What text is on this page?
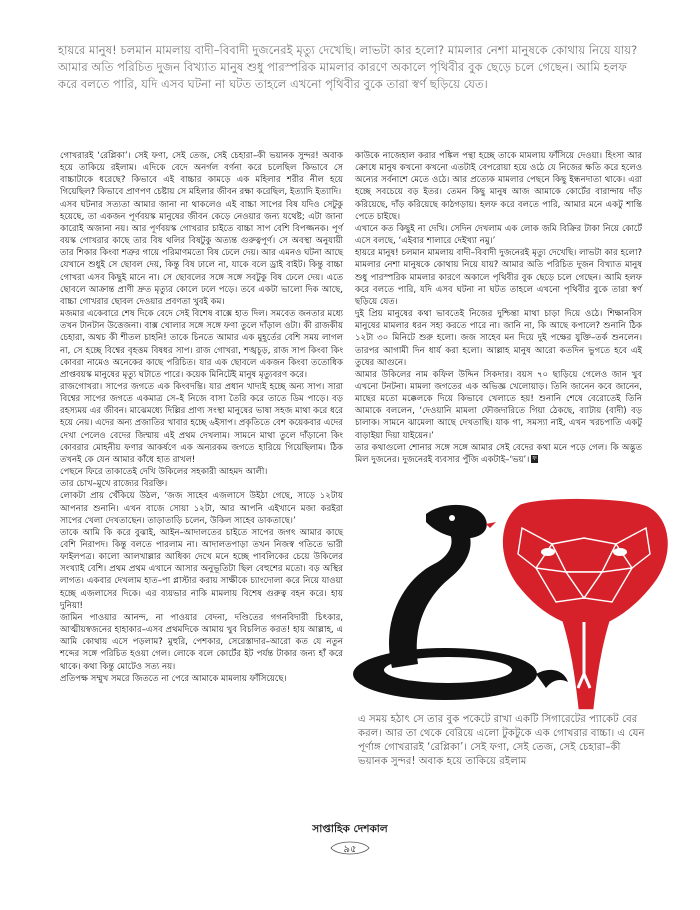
হায়রে মানুষ! চলমান মামলায় বাদী–বিবাদী দুজনেরই মৃত্যু দেখেছি। লাভটা কার হলো? মামলার নেশা মানুষকে কোথায় নিয়ে যায়? আমার অতি পরিচিত দুজন বিখ্যাত মানুষ শুধু পারস্পরিক মামলার কারণে অকালে পৃথিবীর বুক ছেড়ে চলে গেছেন। আমি হলফ করে বলতে পারি, যদি এসব ঘটনা না ঘটত তাহলে এখনো পৃথিবীর বুকে তারা স্বর্ণ ছড়িয়ে যেত।

গোখরারই ‘রেপ্লিকা’। সেই ফণা, সেই তেজ, সেই চেহারা–কী ভয়ানক সুন্দর! অবাক হয়ে তাকিয়ে রইলাম। এদিকে বেদে অনর্গল বর্ণনা করে চলেছিল কিভাবে সে বাচ্চাটাকে ধরেছে? কিভাবে এই বাচ্চার কামড়ে এক মহিলার শরীর নীল হয়ে গিয়েছিল? কিভাবে প্রাণপণ চেষ্টায় সে মহিলার জীবন রক্ষা করেছিল, ইত্যাদি ইত্যাদি।

এসব ঘটনার সত্যতা আমার জানা না থাকলেও এই বাচ্চা সাপের বিষ যদিও সেটুকু হয়েছে, তা একজন পূর্ণবয়স্ক মানুষের জীবন কেড়ে নেওয়ার জন্য যথেষ্ট; এটা জানা কারোই অজানা নয়। আর পূর্ণবয়স্ক গোখরার চাইতে বাচ্চা সাপ বেশি বিপজ্জনক। পূর্ণ বয়স্ক গোখরার কাছে তার বিষ থলির বিষটুকু অত্যন্ত গুরুত্বপূর্ণ। সে অবস্থা অনুযায়ী তার শিকার কিংবা শত্রুর গায়ে পরিমাণমতো বিষ ঢেলে দেয়। আর এমনও ঘটনা আছে যেখানে শুধুই সে ছোবল দেয়, কিন্তু বিষ ঢালে না, যাকে বলে ড্রাই বাইট। কিন্তু বাচ্চা গোখরা এসব কিছুই মানে না। সে ছোবলের সঙ্গে সঙ্গে সবটুকু বিষ ঢেলে দেয়। এতে ছোবলে আক্রান্ত প্রাণী দ্রুত মৃত্যুর কোলে ঢলে পড়ে। তবে একটা ভালো দিক আছে, বাচ্চা গোখরার ছোবল দেওয়ার প্রবণতা খুবই কম।

মজমার একেবারে শেষ দিকে বেদে সেই বিশেষ বাক্সে হাত দিল। সমবেত জনতার মধ্যে তখন টানটান উত্তেজনা। বাক্স খোলার সঙ্গে সঙ্গে ফণা তুলে দাঁড়াল ওটা। কী রাজকীয় চেহারা, অথচ কী শীতল চাহনি! তাকে চিনতে আমার এক মুহূর্তের বেশি সময় লাগল না, সে হচ্ছে বিশ্বের বৃহত্তম বিষধর সাপ। রাজ গোখরা, শঙ্খচূড়, রাজ সাপ কিংবা কিং কোবরা নামেও অনেকের কাছে পরিচিত। যার এক ছোবলে একজন কিংবা ততোধিক প্রাপ্তবয়স্ক মানুষের মৃত্যু ঘটাতে পারে। কয়েক মিনিটেই মানুষ মৃত্যুবরণ করে।

রাজগোখরা। সাপের জগতে এক কিংবদন্তি। যার প্রধান খাদ্যই হচ্ছে অন্য সাপ। সারা বিশ্বের সাপের জগতে একমাত্র সে–ই নিজে বাসা তৈরি করে তাতে ডিম পাড়ে। বড় রহস্যময় এর জীবন। মাঝেমধ্যে দিল্লির প্রাণ্য সংস্থা মানুষের ভাষা সহজ মাথা করে ধরে হয়ে নেয়। এদের অন্য প্রজাতির খাবার হচ্ছে ৬ইসাপ। প্রকৃতিতে বেশ কয়েকবার এদের দেখা পেলেও বেদের জিম্মায় এই প্রথম দেখলাম। সামনে মাথা তুলে দাঁড়ানো কিং কোবরার মোহনীয় ফণার আকর্ষণে এক অন্যরকম জগতে হারিয়ে গিয়েছিলাম। ঠিক তখনই কে যেন আমার কাঁধে হাত রাখল!

পেছনে ফিরে তাকাতেই দেখি উকিলের সহকারী আহমদ আলী।

তার চোখ–মুখে রাজ্যের বিরক্তি।

লোকটা প্রায় খেঁকিয়ে উঠল, ‘জজ সাহেব এজলাসে উইঠা গেছে, সাড়ে ১২টায় আপনার শুনানি। এখন বাজে সোয়া ১২টা, আর আপনি এইখানে মজা করইরা সাপের খেলা দেখতাছেন। তাড়াতাড়ি চলেন, উকিল সাহেব ডাকতাছে।’

তাকে আমি কি করে বুঝাই, আইন–আদালতের চাইতে সাপের জগৎ আমার কাছে বেশি নিরাপদ। কিন্তু বলতে পারলাম না। আদালতপাড়া তখন নিজস্ব গতিতে ভারী ফাইলপত্র। কালো আলখাল্লার আধিক্য দেখে মনে হচ্ছে পাবলিকের চেয়ে উকিলের সংখ্যাই বেশি। প্রথম প্রথম এখানে আসার অনুভূতিটা ছিল বেহুশের মতো। বড় অস্থির লাগত। একবার দেখলাম হাত–পা প্লাস্টার করায় সাক্ষীকে চ্যাংদোলা করে নিয়ে যাওয়া হচ্ছে এজলাসের দিকে। এর ব্যয়ভার নাকি মামলায় বিশেষ গুরুত্ব বহন করে। হায় দুনিয়া!

জামিন পাওয়ার আনন্দ, না পাওয়ার বেদনা, দণ্ডিতের গগনবিদারী চিৎকার, আত্মীয়স্বজনের হাহাকার–এসব প্রথমদিকে আমায় খুব বিচলিত করত! হায় আল্লাহ, এ আমি কোথায় এসে পড়লাম? মুহুরি, পেশকার, সেরেস্তাদার–আরো কত যে নতুন শব্দের সঙ্গে পরিচিত হওয়া গেল। লোকে বলে কোর্টের ইট পর্যন্ত টাকার জন্য হাঁ করে থাকে। কথা কিন্তু মোটেও সত্য নয়।

প্রতিপক্ষ সম্মুখ সমরে জিততে না পেরে আমাকে মামলায় ফাঁসিয়েছে।

কাউকে নাজেহাল করার পঙ্কিল পন্থা হচ্ছে তাকে মামলায় ফাঁসিয়ে দেওয়া। হিংসা আর ক্রোধে মানুষ কখনো কখনো এতটাই বেপরোয়া হয়ে ওঠে যে নিজের ক্ষতি করে হলেও অন্যের সর্বনাশে মেতে ওঠে। আর প্রত্যেক মামলার পেছনে কিছু ইন্ধনদাতা থাকে। এরা হচ্ছে সবচেয়ে বড় ইতর। তেমন কিছু মানুষ আজ আমাকে কোর্টের বারান্দায় দাঁড় করিয়েছে, দাঁড় করিয়েছে কাঠগড়ায়। হলফ করে বলতে পারি, আমার মনে একটু শান্তি পেতে চাইছে।

এখানে কত কিছুই না দেখি। সেদিন দেখলাম এক লোক জমি বিক্রির টাকা নিয়ে কোর্টে এসে বলছে, ‘এইবার শালারে দেইখ্যা নমু।’

হায়রে মানুষ! চলমান মামলায় বাদী–বিবাদী দুজনেরই মৃত্যু দেখেছি। লাভটা কার হলো? মামলার নেশা মানুষকে কোথায় নিয়ে যায়? আমার অতি পরিচিত দুজন বিখ্যাত মানুষ শুধু পারস্পরিক মামলার কারণে অকালে পৃথিবীর বুক ছেড়ে চলে গেছেন। আমি হলফ করে বলতে পারি, যদি এসব ঘটনা না ঘটত তাহলে এখনো পৃথিবীর বুকে তারা স্বর্ণ ছড়িয়ে যেত।

দুই প্রিয় মানুষের কথা ভাবতেই নিজের দুশ্চিন্তা মাথা চাড়া দিয়ে ওঠে। শিক্ষানবিস মানুষের মামলার ধরন সহ্য করতে পারে না। জানি না, কি আছে কপালে? শুনানি ঠিক ১২টা ৩০ মিনিটে শুরু হলো। জজ সাহেব মন দিয়ে দুই পক্ষের যুক্তি–তর্ক শুনলেন। তারপর আগামী দিন ধার্য করা হলো। আল্লাহ মানুষ আরো কতদিন ভুগতে হবে এই তুষের আগুনে।

আমার উকিলের নাম কফিল উদ্দিন সিকদার। বয়স ৭০ ছাড়িয়ে গেলেও জান খুব এখনো টনটনা। মামলা জগতের এক অভিজ্ঞ খেলোয়াড়। তিনি জানেন কবে জানেন, মাছের মতো মক্কেলকে দিয়ে কিভাবে খেলাতে হয়! শুনানি শেষে বেরোতেই তিনি আমাকে বললেন, ‘দেওয়ানি মামলা ফৌজদারিতে গিয়া ঠেকছে, ব্যাটায় (বাদী) বড় চালাক। সামনে ঝামেলা আছে দেখতাছি। যাক গা, সমস্যা নাই, এখন খরচপাতি একটু বাড়াইয়া দিয়া যাইয়েন।’

তার কথাগুলো শোনার সঙ্গে সঙ্গে আমার সেই বেদের কথা মনে পড়ে গেল। কি অদ্ভুত মিল দুজনের। দুজনেরই ব্যবসার পুঁজি একটাই–‘ভয়’। ফ

এ সময় হঠাৎ সে তার বুক পকেটে রাখা একটি সিগারেটের প্যাকেট বের করল। আর তা থেকে বেরিয়ে এলো টুকটুকে এক গোখরার বাচ্চা। এ যেন পূর্ণাঙ্গ গোখরারই ‘রেপ্লিকা’। সেই ফণা, সেই তেজ, সেই চেহারা–কী ভয়ানক সুন্দর! অবাক হয়ে তাকিয়ে রইলাম

সাপ্তাহিক দেশকাল
৯৫
